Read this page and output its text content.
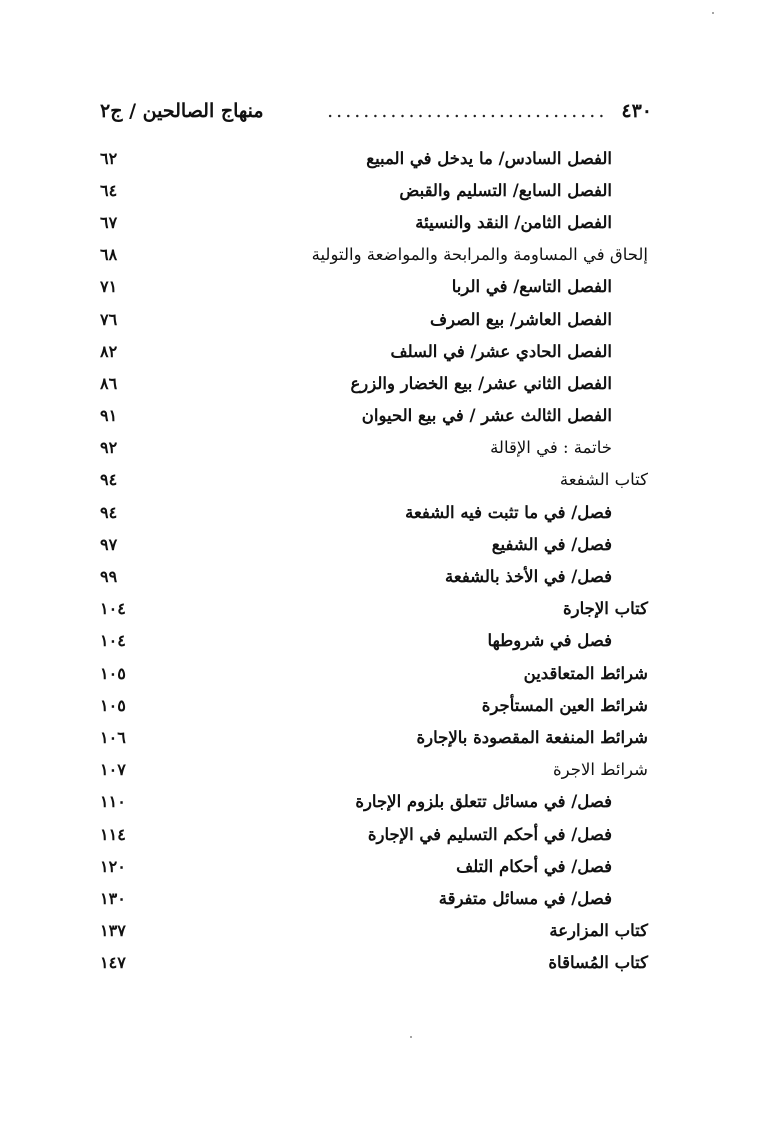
٤٣٠
...............................
منهاج الصالحين / ج٢
الفصل السادس/ ما يدخل في المبيع
٦٢
الفصل السابع/ التسليم والقبض
٦٤
الفصل الثامن/ النقد والنسيئة
٦٧
إلحاق في المساومة والمرابحة والمواضعة والتولية
٦٨
الفصل التاسع/ في الربا
٧١
الفصل العاشر/ بيع الصرف
٧٦
الفصل الحادي عشر/ في السلف
٨٢
الفصل الثاني عشر/ بيع الخضار والزرع
٨٦
الفصل الثالث عشر / في بيع الحيوان
٩١
خاتمة : في الإقالة
٩٢
كتاب الشفعة
٩٤
فصل/ في ما تثبت فيه الشفعة
٩٤
فصل/ في الشفيع
٩٧
فصل/ في الأخذ بالشفعة
٩٩
كتاب الإجارة
١٠٤
فصل في شروطها
١٠٤
شرائط المتعاقدين
١٠٥
شرائط العين المستأجرة
١٠٥
شرائط المنفعة المقصودة بالإجارة
١٠٦
شرائط الاجرة
١٠٧
فصل/ في مسائل تتعلق بلزوم الإجارة
١١٠
فصل/ في أحكم التسليم في الإجارة
١١٤
فصل/ في أحكام التلف
١٢٠
فصل/ في مسائل متفرقة
١٣٠
كتاب المزارعة
١٣٧
كتاب المُساقاة
١٤٧
